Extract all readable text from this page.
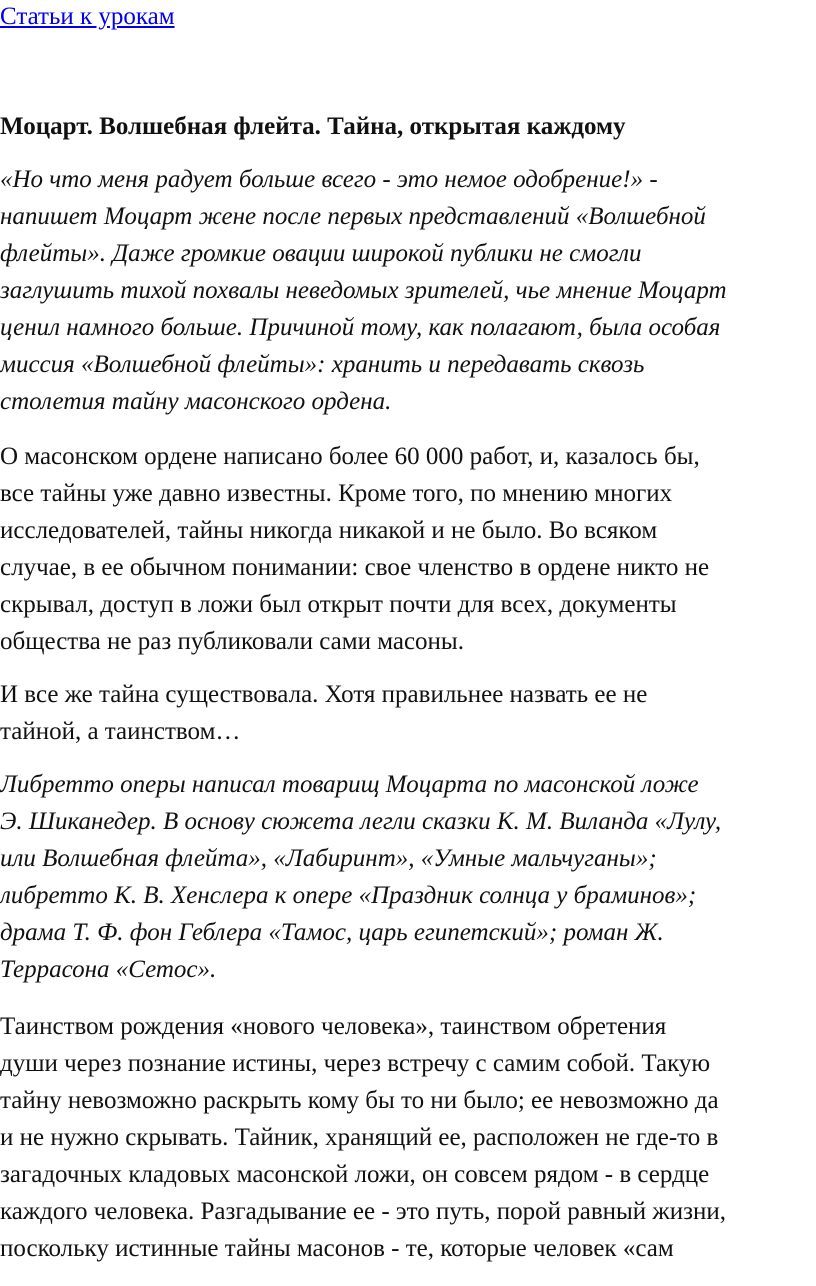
Статьи к урокам
Моцарт. Волшебная флейта. Тайна, открытая каждому

«Но что меня радует больше всего - это немое одобрение!» -
напишет Моцарт жене после первых представлений «Волшебной
флейты». Даже громкие овации широкой публики не смогли
заглушить тихой похвалы неведомых зрителей, чье мнение Моцарт
ценил намного больше. Причиной тому, как полагают, была особая
миссия «Волшебной флейты»: хранить и передавать сквозь
столетия тайну масонского ордена.

О масонском ордене написано более 60 000 работ, и, казалось бы,
все тайны уже давно известны. Кроме того, по мнению многих
исследователей, тайны никогда никакой и не было. Во всяком
случае, в ее обычном понимании: свое членство в ордене никто не
скрывал, доступ в ложи был открыт почти для всех, документы
общества не раз публиковали сами масоны.

И все же тайна существовала. Хотя правильнее назвать ее не
тайной, а таинством…

Либретто оперы написал товарищ Моцарта по масонской ложе
Э. Шиканедер. В основу сюжета легли сказки К. М. Виланда «Лулу,
или Волшебная флейта», «Лабиринт», «Умные мальчуганы»;
либретто К. В. Хенслера к опере «Праздник солнца у браминов»;
драма Т. Ф. фон Геблера «Тамос, царь египетский»; роман Ж.
Террасона «Сетос».

Таинством рождения «нового человека», таинством обретения
души через познание истины, через встречу с самим собой. Такую
тайну невозможно раскрыть кому бы то ни было; ее невозможно да
и не нужно скрывать. Тайник, хранящий ее, расположен не где-то в
загадочных кладовых масонской ложи, он совсем рядом - в сердце
каждого человека. Разгадывание ее - это путь, порой равный жизни,
поскольку истинные тайны масонов - те, которые человек «сам
